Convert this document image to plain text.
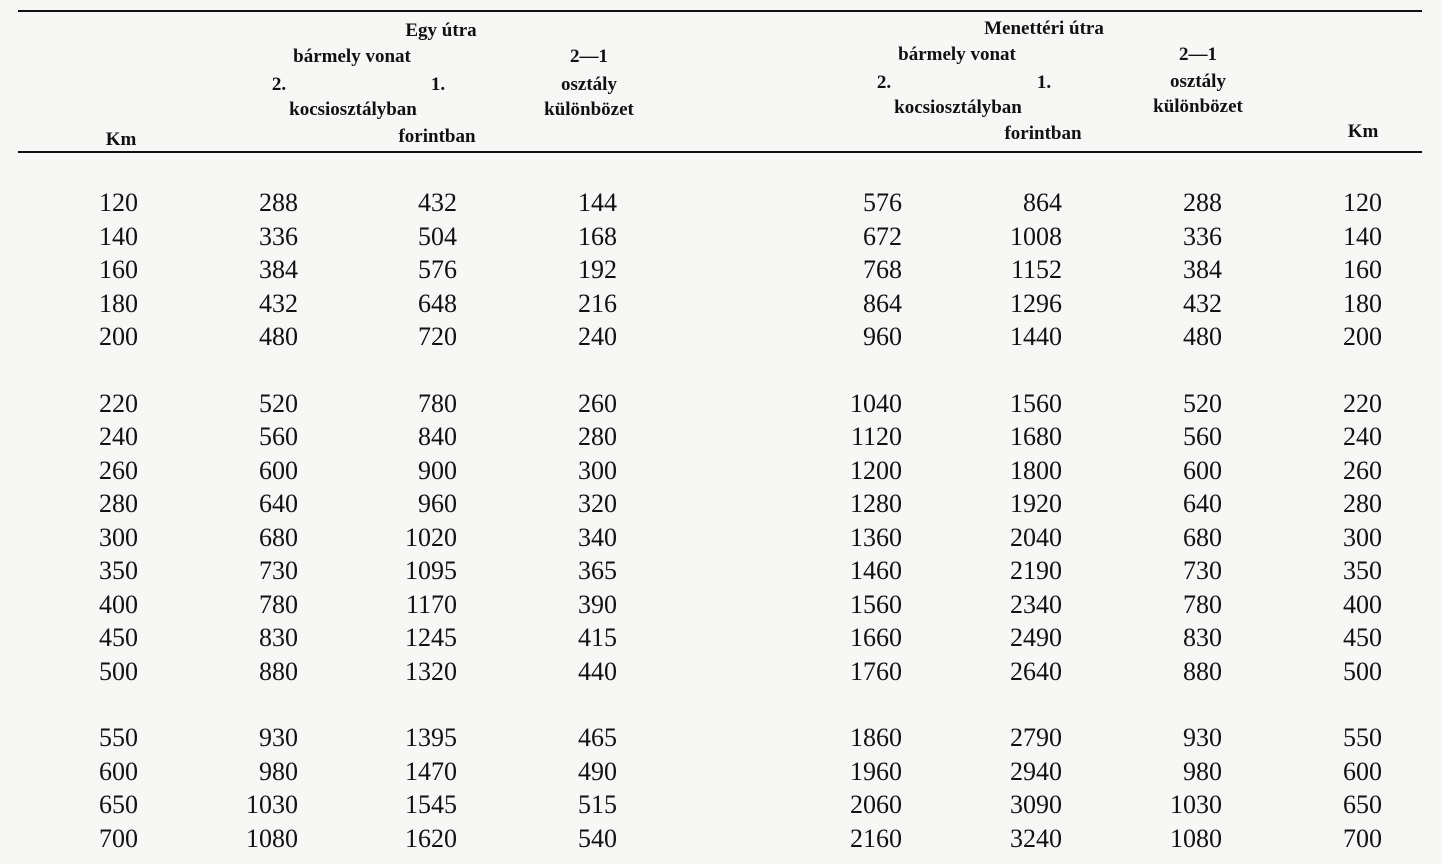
Egy útra
bármely vonat
2.	1.
kocsiosztályban
forintban
2—1
osztály
különbözet
Km
Menettéri útra
bármely vonat
2.	1.
kocsiosztályban
forintban
2—1
osztály
különbözet
Km
120	288	432	144	576	864	288	120
140	336	504	168	672	1008	336	140
160	384	576	192	768	1152	384	160
180	432	648	216	864	1296	432	180
200	480	720	240	960	1440	480	200
220	520	780	260	1040	1560	520	220
240	560	840	280	1120	1680	560	240
260	600	900	300	1200	1800	600	260
280	640	960	320	1280	1920	640	280
300	680	1020	340	1360	2040	680	300
350	730	1095	365	1460	2190	730	350
400	780	1170	390	1560	2340	780	400
450	830	1245	415	1660	2490	830	450
500	880	1320	440	1760	2640	880	500
550	930	1395	465	1860	2790	930	550
600	980	1470	490	1960	2940	980	600
650	1030	1545	515	2060	3090	1030	650
700	1080	1620	540	2160	3240	1080	700
